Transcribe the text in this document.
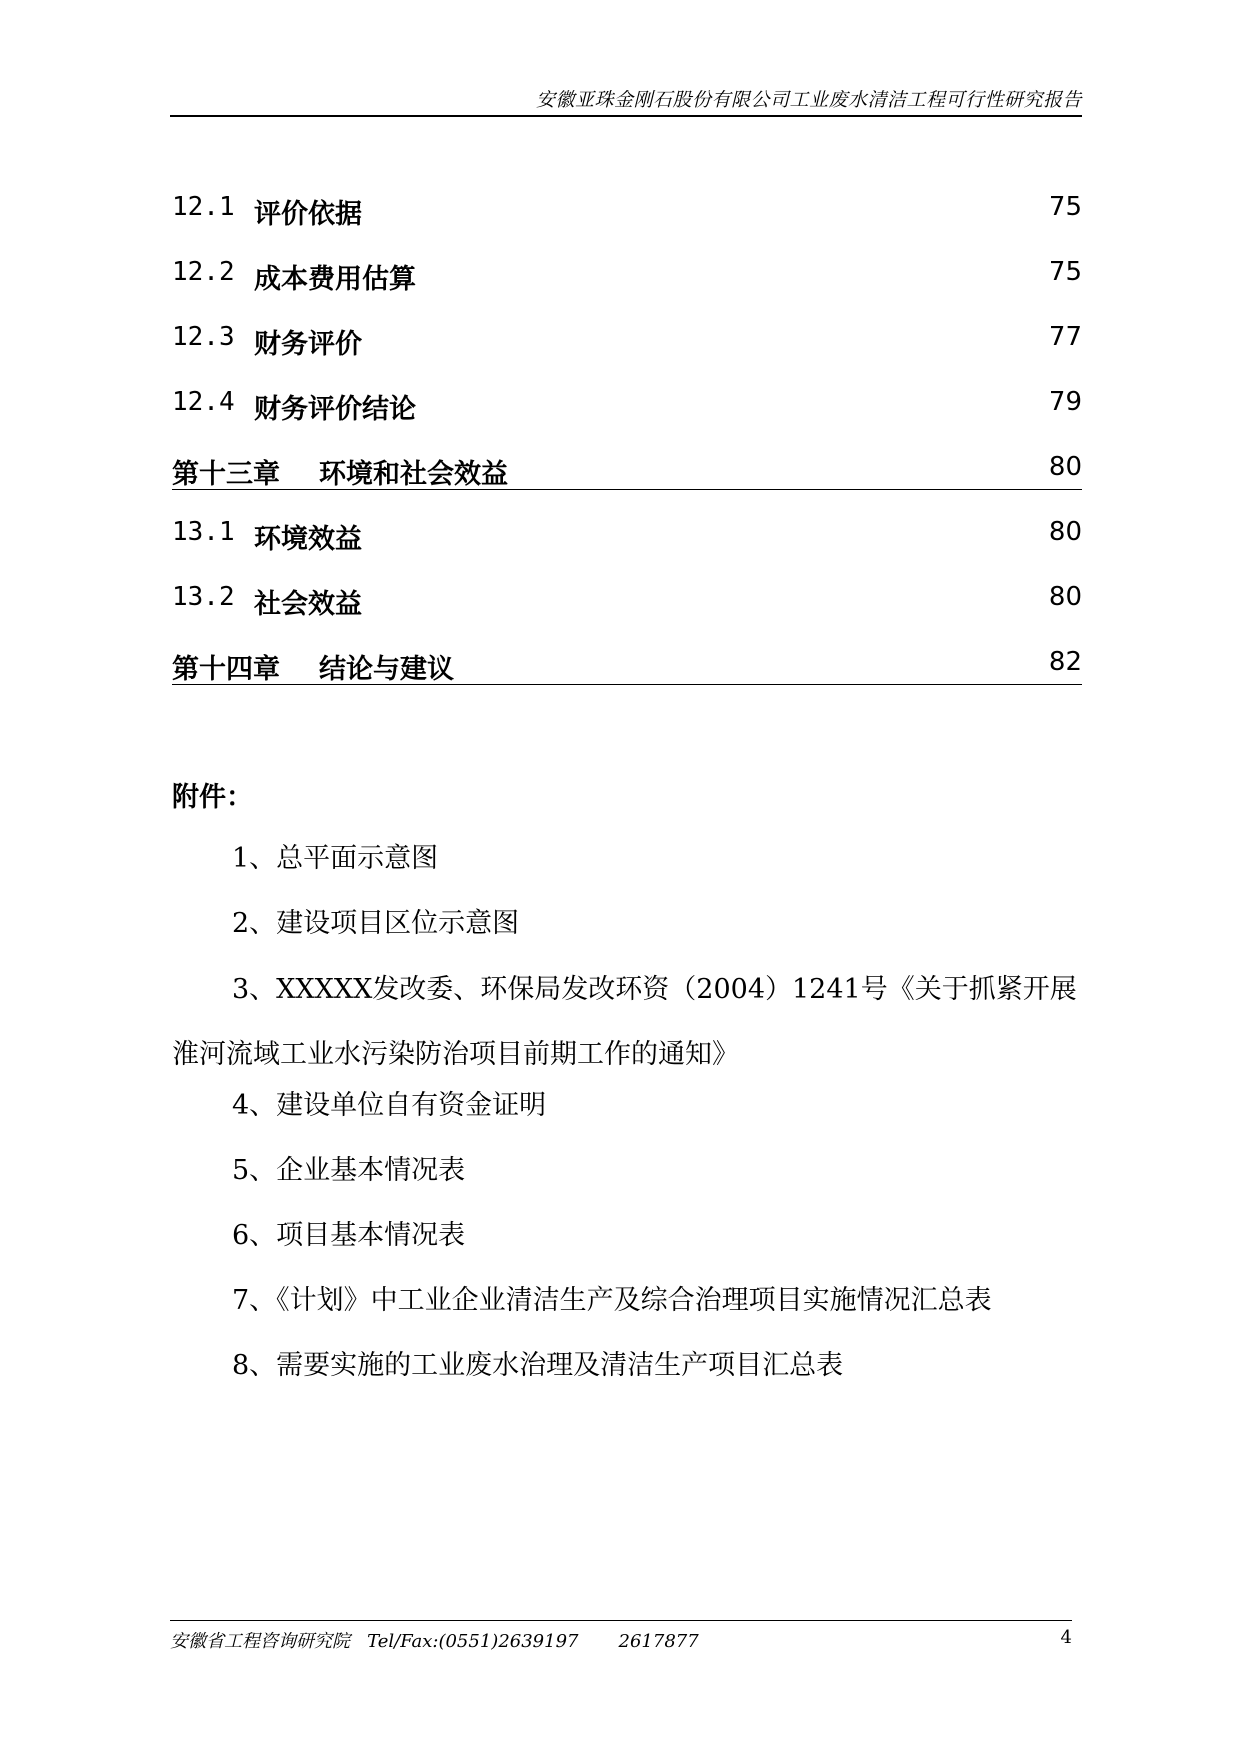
安徽亚珠金刚石股份有限公司工业废水清洁工程可行性研究报告
12.1 评价依据	75
12.2 成本费用估算	75
12.3 财务评价	77
12.4 财务评价结论	79
第十三章 环境和社会效益	80
13.1 环境效益	80
13.2 社会效益	80
第十四章 结论与建议	82
附件：
1、总平面示意图
2、建设项目区位示意图
3、XXXXX发改委、环保局发改环资（2004）1241号《关于抓紧开展淮河流域工业水污染防治项目前期工作的通知》
4、建设单位自有资金证明
5、企业基本情况表
6、项目基本情况表
7、《计划》中工业企业清洁生产及综合治理项目实施情况汇总表
8、需要实施的工业废水治理及清洁生产项目汇总表
安徽省工程咨询研究院   Tel/Fax:(0551)2639197       2617877	4
